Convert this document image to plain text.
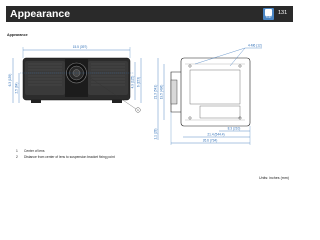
Appearance	TOP
131
Appearance
15.5 (397)
6.3 (159)
2.5 (64)	4.9 (125) 6 (153)
1
4-M6 (12)
21.3 (541) 19.5 (496)
1.1 (28)	8.3 (210)
21.4 (544.4)
26.6 (734)
1 Center of lens
2 Distance from center of lens to suspension bracket fixing point
Units: inches (mm)
